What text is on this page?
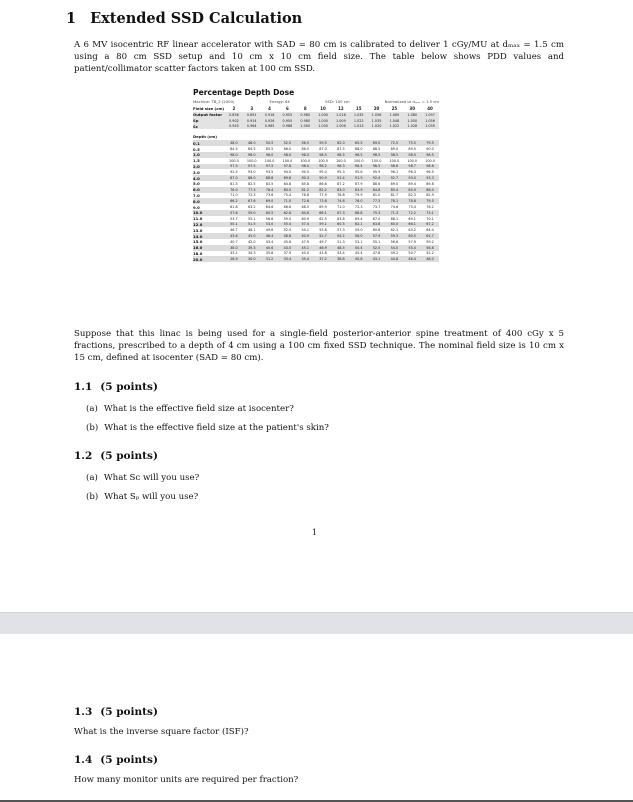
1 Extended SSD Calculation

A 6 MV isocentric RF linear accelerator with SAD = 80 cm is calibrated to deliver 1 cGy/MU at dₘₐₓ = 1.5 cm using a 80 cm SSD setup and 10 cm x 10 cm field size. The table below shows PDD values and patient/collimator scatter factors taken at 100 cm SSD.

Percentage Depth Dose

Machine: TB_2 (2004)	Energy: 6X	SSD: 100 cm	Normalized to dₘₐₓ = 1.5 cm
Field size (cm)	2	3	4	6	8	10	12	15	20	25	30	40
Output factor	0.856	0.891	0.916	0.955	0.980	1.000	1.016	1.035	1.056	1.069	1.080	1.097
Sp	0.902	0.914	0.926	0.955	0.980	1.000	1.009	1.022	1.035	1.048	1.050	1.056
Sc	0.945	0.964	0.985	0.988	1.000	1.000	1.006	1.013	1.020	1.022	1.028	1.039
Depth (cm)
0.1	48.0	48.0	50.5	52.5	56.5	59.5	62.0	65.5	69.0	72.5	75.5	79.5
0.5	84.5	84.5	85.5	86.0	86.5	87.0	87.5	88.0	88.5	89.0	89.5	90.0
1.0	98.0	98.0	98.0	98.0	98.0	98.5	98.5	98.5	98.5	98.5	98.5	98.5
1.5	100.0	100.0	100.0	100.0	100.0	100.0	100.0	100.0	100.0	100.0	100.0	100.0
2.0	97.5	97.5	97.5	97.8	98.0	98.2	98.3	98.4	98.5	98.6	98.7	98.8
3.0	92.5	93.0	93.5	94.0	94.5	95.0	95.3	95.6	95.9	96.1	96.3	96.5
4.0	87.0	88.0	88.8	89.6	90.3	90.9	91.4	91.9	92.4	92.7	93.0	93.3
5.0	81.5	82.5	83.5	84.8	85.8	86.6	87.2	87.9	88.6	89.0	89.4	89.8
6.0	76.0	77.3	78.4	80.0	81.2	82.2	83.0	83.9	84.8	85.4	85.9	86.4
7.0	71.0	72.3	73.6	75.4	76.8	77.9	78.8	79.9	81.0	81.7	82.3	82.9
8.0	66.2	67.6	69.0	71.0	72.6	73.8	74.8	76.0	77.3	78.1	78.8	79.5
9.0	61.8	63.2	64.6	66.8	68.5	69.9	71.0	72.3	73.7	74.6	75.4	76.2
10.0	57.6	59.0	60.5	62.8	64.6	66.1	67.3	68.8	70.3	71.3	72.2	73.1
11.0	53.7	55.1	56.6	59.0	60.9	62.5	63.8	65.4	67.0	68.1	69.1	70.1
12.0	50.1	51.5	53.0	55.4	57.4	59.1	60.5	62.1	63.8	65.0	66.1	67.2
13.0	46.7	48.1	49.6	52.0	54.1	55.8	57.3	59.0	60.8	62.1	63.2	64.4
14.0	43.6	45.0	46.4	48.8	50.9	52.7	54.2	56.0	57.9	59.3	60.5	61.7
15.0	40.7	42.0	43.4	45.8	47.9	49.7	51.3	53.1	55.1	56.6	57.9	59.2
16.0	38.0	39.3	40.6	43.0	45.1	46.9	48.5	50.4	52.5	54.0	55.4	56.8
18.0	33.1	34.3	35.6	37.9	40.0	41.8	43.4	45.4	47.6	49.2	50.7	52.2
20.0	28.9	30.0	31.2	33.4	35.4	37.2	38.8	40.8	43.1	44.8	46.4	48.0

Suppose that this linac is being used for a single-field posterior-anterior spine treatment of 400 cGy x 5 fractions, prescribed to a depth of 4 cm using a 100 cm fixed SSD technique. The nominal field size is 10 cm x 15 cm, defined at isocenter (SAD = 80 cm).

1.1 (5 points)

(a) What is the effective field size at isocenter?

(b) What is the effective field size at the patient's skin?

1.2 (5 points)

(a) What Sᴄ will you use?

(b) What Sₚ will you use?

1
1.3 (5 points)

What is the inverse square factor (ISF)?

1.4 (5 points)

How many monitor units are required per fraction?
